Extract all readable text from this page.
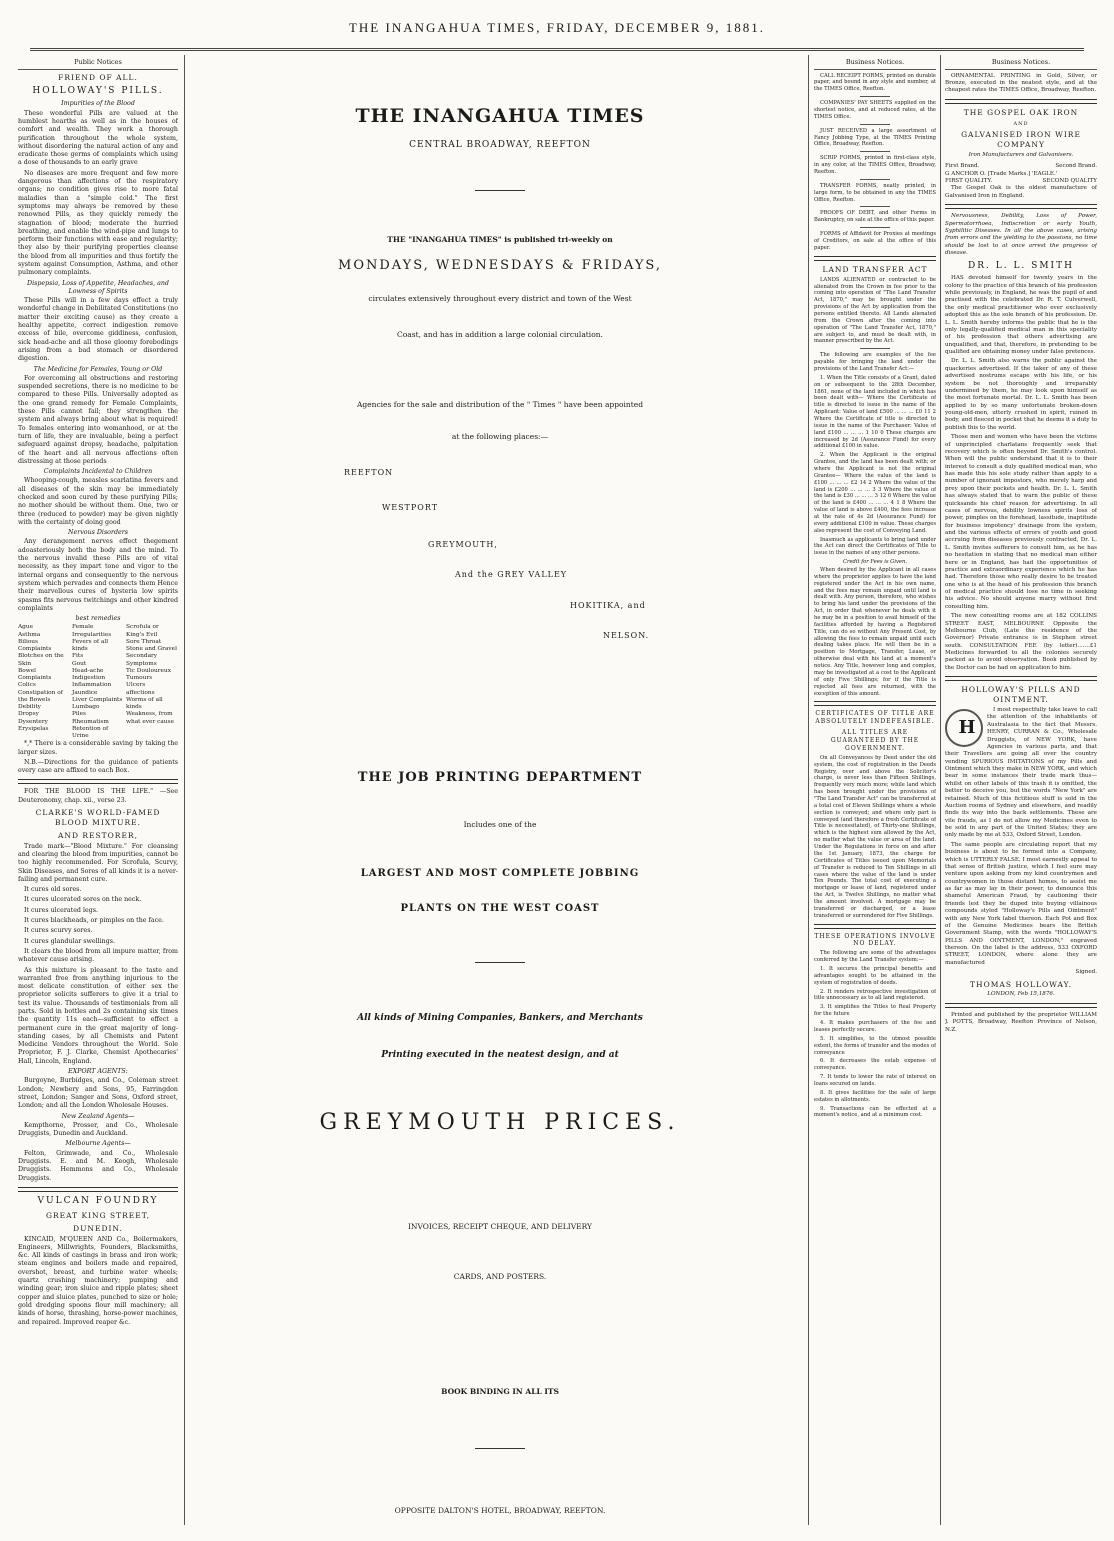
THE INANGAHUA TIMES, FRIDAY, DECEMBER 9, 1881.
Public Notices
FRIEND OF ALL.
HOLLOWAY'S PILLS.
Impurities of the Blood

These wonderful Pills are valued at the humblest hearths as well as in the houses of comfort and wealth. They work a thorough purification throughout the whole system, without disordering the natural action of any and eradicate those germs of complaints which using a dose of thousands to an early grave

No diseases are more frequent and few more dangerous than affections of the respiratory organs; no condition gives rise to more fatal maladies than a "simple cold." The first symptoms may always be removed by these renowned Pills, as they quickly remedy the stagnation of blood; moderate the hurried breathing, and enable the wind-pipe and lungs to perform their functions with ease and regularity; they also by their purifying properties cleanse the blood from all impurities and thus fortify the system against Consumption, Asthma, and other pulmonary complaints.

Dispepsia, Loss of Appetite, Headaches, and Lowness of Spirits

These Pills will in a few days effect a truly wonderful change in Debilitated Constitutions (no matter their exciting cause) as they create a healthy appetite, correct indigestion remove excess of bile, overcome giddiness, confusion, sick head-ache and all those gloomy forebodings arising from a bad stomach or disordered digestion.

The Medicine for Females, Young or Old

For overcoming all obstructions and restoring suspended secretions, there is no medicine to be compared to these Pills. Universally adopted as the one grand remedy for Female Complaints, these Pills cannot fail; they strengthen the system and always bring about what is required! To females entering into womanhood, or at the turn of life, they are invaluable, being a perfect safeguard against dropsy, headache, palpitation of the heart and all nervous affections often distressing at those periods

Complaints Incidental to Children

Whooping-cough, measles scarlatina fevers and all diseases of the skin may be immediately checked and soon cured by these purifying Pills; no mother should be without them. One, two or three (reduced to powder) may be given nightly with the certainty of doing good

Nervous Disorders

Any derangement nerves effect thegement adoasteriously both the body and the mind. To the nervous invalid these Pills are of vital necessity, as they impart tone and vigor to the internal organs and consequently to the nervous system which pervades and connects them Hence their marvellous cures of hysteria low spirits spasms fits nervous twitchings and other kindred complaints

best remedies
Ague
Asthma
Bilious Complaints
Blotches on the Skin
Bowel Complaints
Colics
Constipation of the Bowels
Debility
Dropsy
Dysentery
Erysipelas
Female Irregularities
Fevers of all kinds
Fits
Gout
Head-ache
Indigestion
Inflammation
Jaundice
Liver Complaints
Lumbago
Piles
Rheumatism
Retention of Urine
Scrofula or King's Evil
Sore Throat
Stone and Gravel
Secondary Symptoms
Tic Douloureux
Tumours
Ulcers
affections
Worms of all kinds
Weakness, from what ever cause

*,* There is a considerable saving by taking the larger sizes.

N.B.—Directions for the guidance of patients every case are affixed to each Box.

FOR THE BLOOD IS THE LIFE." —See Deuteronomy, chap. xii., verse 23.

CLARKE'S WORLD-FAMED BLOOD MIXTURE.
AND RESTORER,

Trade mark—"Blood Mixture." For cleansing and clearing the blood from impurities, cannot be too highly recommended. For Scrofula, Scurvy, Skin Diseases, and Sores of all kinds it is a never-failing and permanent cure.

It cures old sores.

It cures ulcerated sores on the neck.

It cures ulcerated legs.

It cures blackheads, or pimples on the face.

It cures scurvy sores.

It cures glandular swellings.

It clears the blood from all impure matter, from whatever cause arising.

As this mixture is pleasant to the taste and warranted free from anything injurious to the most delicate constitution of either sex the proprietor solicits sufferers to give it a trial to test its value. Thousands of testimonials from all parts. Sold in bottles and 2s containing six times the quantity 11s each—sufficient to effect a permanent cure in the great majority of long-standing cases, by all Chemists and Patent Medicine Vendors throughout the World. Sole Proprietor, F. J. Clarke, Chemist Apothecaries' Hall, Lincoln, England.

EXPORT AGENTS:

Burgoyne, Burbidges, and Co., Coleman street London; Newbery and Sons, 95, Farringdon street, London; Sanger and Sons, Oxford street, London; and all the London Wholesale Houses.

New Zealand Agents—

Kempthorne, Prosser, and Co., Wholesale Druggists, Dunedin and Auckland.

Melbourne Agents—

Felton, Grimwade, and Co., Wholesale Druggists. E. and M. Keogh, Wholesale Druggists. Hemmons and Co., Wholesale Druggists.

VULCAN FOUNDRY
GREAT KING STREET,
DUNEDIN.

KINCAID, M'QUEEN AND Co., Boilermakers, Engineers, Millwrights, Founders, Blacksmiths, &c. All kinds of castings in brass and iron work; steam engines and boilers made and repaired, overshot, breast, and turbine water wheels; quartz crushing machinery; pumping and winding gear; iron sluice and ripple plates; sheet copper and sluice plates, punched to size or hole; gold dredging spoons flour mill machinery; all kinds of horse, thrashing, horse-power machines, and repaired. Improved reaper &c.

THE INANGAHUA TIMES
CENTRAL BROADWAY, REEFTON
THE "INANGAHUA TIMES" is published tri-weekly on
MONDAYS, WEDNESDAYS & FRIDAYS,
circulates extensively throughout every district and town of the West
Coast, and has in addition a large colonial circulation.
Agencies for the sale and distribution of the " Times " have been appointed
at the following places:—
REEFTON
WESTPORT
GREYMOUTH,
And the GREY VALLEY
HOKITIKA, and
NELSON.
THE JOB PRINTING DEPARTMENT
Includes one of the
LARGEST AND MOST COMPLETE JOBBING
PLANTS ON THE WEST COAST
All kinds of Mining Companies, Bankers, and Merchants
Printing executed in the neatest design, and at
GREYMOUTH PRICES.
INVOICES, RECEIPT CHEQUE, AND DELIVERY
CARDS, AND POSTERS.
BOOK BINDING IN ALL ITS
OPPOSITE DALTON'S HOTEL, BROADWAY, REEFTON.
Business Notices.

CALL RECEIPT FORMS, printed on durable paper, and bound in any style and number, at the TIMES Office, Reefton.

COMPANIES' PAY SHEETS supplied on the shortest notice, and at reduced rates, at the TIMES Office.

JUST RECEIVED a large assortment of Fancy Jobbing Type, at the TIMES Printing Office, Broadway, Reefton.

SCRIP FORMS, printed in first-class style, in any color, at the TIMES Office, Broadway, Reefton.

TRANSFER FORMS, neatly printed, in large form, to be obtained in any the TIMES Office, Reefton.

PROOFS OF DEBT, and other Forms in Bankruptcy, on sale at the office of this paper.

FORMS of Affidavit for Proxies at meetings of Creditors, on sale at the office of this paper.

LAND TRANSFER ACT

LANDS ALIENATED or contracted to be alienated from the Crown in fee prior to the coming into operation of "The Land Transfer Act, 1870," may be brought under the provisions of the Act by application from the persons entitled thereto. All Lands alienated from the Crown after the coming into operation of "The Land Transfer Act, 1870," are subject to, and must be dealt with, in manner prescribed by the Act.

The following are examples of the fee payable for bringing the land under the provisions of the Land Transfer Act:—

1. When the Title consists of a Grant, dated on or subsequent to the 28th December, 1861, none of the land included in which has been dealt with— Where the Certificate of title is directed to issue in the name of the Applicant: Value of land £500 ... ... ... £0 11 2 Where the Certificate of title is directed to issue in the name of the Purchaser: Value of land £100 ... ... ... 1 10 0 These charges are increased by 2d (Assurance Fund) for every additional £100 in value.

2. When the Applicant is the original Grantee, and the land has been dealt with; or where the Applicant is not the original Grantee— Where the value of the land is £100 ... ... ... £2 14 2 Where the value of the land is £200 ... ... ... 3 3 Where the value of the land is £30 ... ... ... 3 12 6 Where the value of the land is £400 ... ... ... 4 1 8 Where the value of land is above £400, the fees increase at the rate of 4s 2d (Assurance Fund) for every additional £100 in value. These charges also represent the cost of Conveying Land.

Inasmuch as applicants to bring land under the Act can direct the Certificates of Title to issue in the names of any other persons.

Credit for Fees is Given.

When desired by the Applicant in all cases where the proprietor applies to have the land registered under the Act in his own name, and the fees may remain unpaid until land is dealt with. Any person, therefore, who wishes to bring his land under the provisions of the Act, in order that whenever he deals with it he may be in a position to avail himself of the facilities afforded by having a Registered Title, can do so without Any Present Cost, by allowing the fees to remain unpaid until such dealing takes place. He will then be in a position to Mortgage, Transfer, Lease, or otherwise deal with his land at a moment's notice. Any Title, however long and complex, may be investigated at a cost to the Applicant of only Five Shillings; for if the Title is rejected all fees are returned, with the exception of this amount.

CERTIFICATES OF TITLE ARE ABSOLUTELY INDEFEASIBLE.
ALL TITLES ARE GUARANTEED BY THE GOVERNMENT.

On all Conveyances by Deed under the old system, the cost of registration in the Deeds Registry, over and above the Solicitor's charge, is never less than Fifteen Shillings, frequently very much more; while land which has been brought under the provisions of "The Land Transfer Act" can be transferred at a total cost of Eleven Shillings where a whole section is conveyed; and where only part is conveyed (and therefore a fresh Certificate of Title is necessitated), of Thirty-one Shillings, which is the highest sum allowed by the Act, no matter what the value or area of the land. Under the Regulations in force on and after the 1st January, 1873, the charge for Certificates of Titles issued upon Memorials of Transfer is reduced to Ten Shillings in all cases where the value of the land is under Ten Pounds. The total cost of executing a mortgage or lease of land, registered under the Act, is Twelve Shillings, no matter what the amount involved. A mortgage may be transferred or discharged, or a lease transferred or surrendered for Five Shillings.

THESE OPERATIONS INVOLVE NO DELAY.

The following are some of the advantages conferred by the Land Transfer system:—

1. It secures the principal benefits and advantages sought to be attained in the system of registration of deeds.

2. It renders retrospective investigation of title unnecessary as to all land registered.

3. It simplifies the Titles to Real Property for the future

4. It makes purchasers of the fee and leases perfectly secure.

5. It simplifies, to the utmost possible extent, the forms of transfer and the modes of conveyance

6. It decreases the estab expense of conveyance.

7. It tends to lower the rate of interest on loans secured on lands.

8. It gives facilities for the sale of large estates in allotments.

9. Transactions can be effected at a moment's notice, and at a minimum cost.

Business Notices.

ORNAMENTAL PRINTING in Gold, Silver, or Bronze, executed in the neatest style, and at the cheapest rates the TIMES Office, Broadway, Reefton.

THE GOSPEL OAK IRON
AND
GALVANISED IRON WIRE COMPANY
Iron Manufacturers and Galvanisers.
First Brand.	Second Brand.
G ANCHOR O. [Trade Marks.] 'EAGLE.'
FIRST QUALITY.	SECOND QUALITY

The Gospel Oak is the oldest manufacture of Galvanised Iron in England.

Nervousness, Debility, Loss of Power, Spermatorrhoea, Indiscretion or early Youth, Syphilitic Diseases. In all the above cases, arising from errors and the yielding to the passions, no time should be lost to at once arrest the progress of disease.

DR. L. L. SMITH

HAS devoted himself for twenty years in the colony to the practice of this branch of his profession while previously, in England, he was the pupil of and practised with the celebrated Dr. R. T. Culverwell, the only medical practitioner who ever exclusively adopted this as the sole branch of his profession. Dr. L. L. Smith hereby informs the public that he is the only legally-qualified medical man in this speciality of his profession that others advertising are unqualified, and that, therefore, in pretending to be qualified are obtaining money under false pretences.

Dr. L. L. Smith also warns the public against the quackeries advertised. If the taker of any of these advertised nostrums escape with his life, or his system be not thoroughly and irreparably undermined by them, he may look upon himself as the most fortunate mortal. Dr. L. L. Smith has been applied to by so many unfortunate broken-down young-old-men, utterly crushed in spirit, ruined in body, and fleeced in pocket that he deems it a duty to publish this to the world.

Those men and women who have been the victims of unprincipled charlatans frequently seek that recovery which is often beyond Dr. Smith's control. When will the public understand that it is to their interest to consult a duly qualified medical man, who has made this his sole study rather than apply to a number of ignorant impostors, who merely harp and prey upon their pockets and health. Dr. L. L. Smith has always stated that to warn the public of these quicksands his chief reason for advertising. In all cases of nervous, debility lowness spirits loss of power, pimples on the forehead, lassitude, inaptitude for business impotency' drainage from the system, and the various effects of errors of youth and good accruing from diseases previously contracted, Dr. L. L. Smith invites sufferers to consult him, as he has no hesitation in stating that no medical man either here or in England, has had the opportunities of practice and extraordinary experience which he has had. Therefore those who really desire to be treated one who is at the head of his profession this branch of medical practice should lose no time in seeking his advice. No should anyone marry without first consulting him.

The new consulting rooms are at 182 COLLINS STREET EAST, MELBOURNE Opposite the Melbourne Club, (Late the residence of the Governor) Private entrance is in Stephen street south. CONSULTATION FEE (by letter).......£1 Medicines forwarded to all the colonies securely packed as to avoid observation. Book published by the Doctor can be had on application to him.

HOLLOWAY'S PILLS AND OINTMENT.

H
I most respectfully take leave to call the attention of the inhabitants of Australasia to the fact that Messrs. HENRY, CURRAN & Co., Wholesale Druggists, of NEW YORK, have Agencies in various parts, and that their Travellers are going all over the country vending SPURIOUS IMITATIONS of my Pills and Ointment which they make in NEW YORK, and which bear in some instances their trade mark thus— whilst on other labels of this trash it is omitted, the better to deceive you, but the words "New York" are retained. Much of this fictitious stuff is sold in the Auction rooms of Sydney and elsewhere, and readily finds its way into the back settlements. These are vile frauds, as I do not allow my Medicines even to be sold in any part of the United States; they are only made by me at 533, Oxford Street, London.

The same people are circulating report that my business is about to be formed into a Company, which is UTTERLY FALSE. I most earnestly appeal to that sense of British justice, which I feel sure may venture upon asking from my kind countrymen and countrywomen in those distant homes, to assist me as far as may lay in their power, to denounce this shameful American Fraud, by cautioning their friends lest they be duped into buying villainous compounds styled "Holloway's Pills and Ointment" with any New York label thereon. Each Pot and Box of the Genuine Medicines bears the British Government Stamp, with the words "HOLLOWAY'S PILLS AND OINTMENT, LONDON," engraved thereon. On the label is the address, 533 OXFORD STREET, LONDON, where alone they are manufactured

Signed.
THOMAS HOLLOWAY.
LONDON, Feb 15,1876.

Printed and published by the proprietor WILLIAM J. POTTS, Broadway, Reefton Province of Nelson, N.Z.
